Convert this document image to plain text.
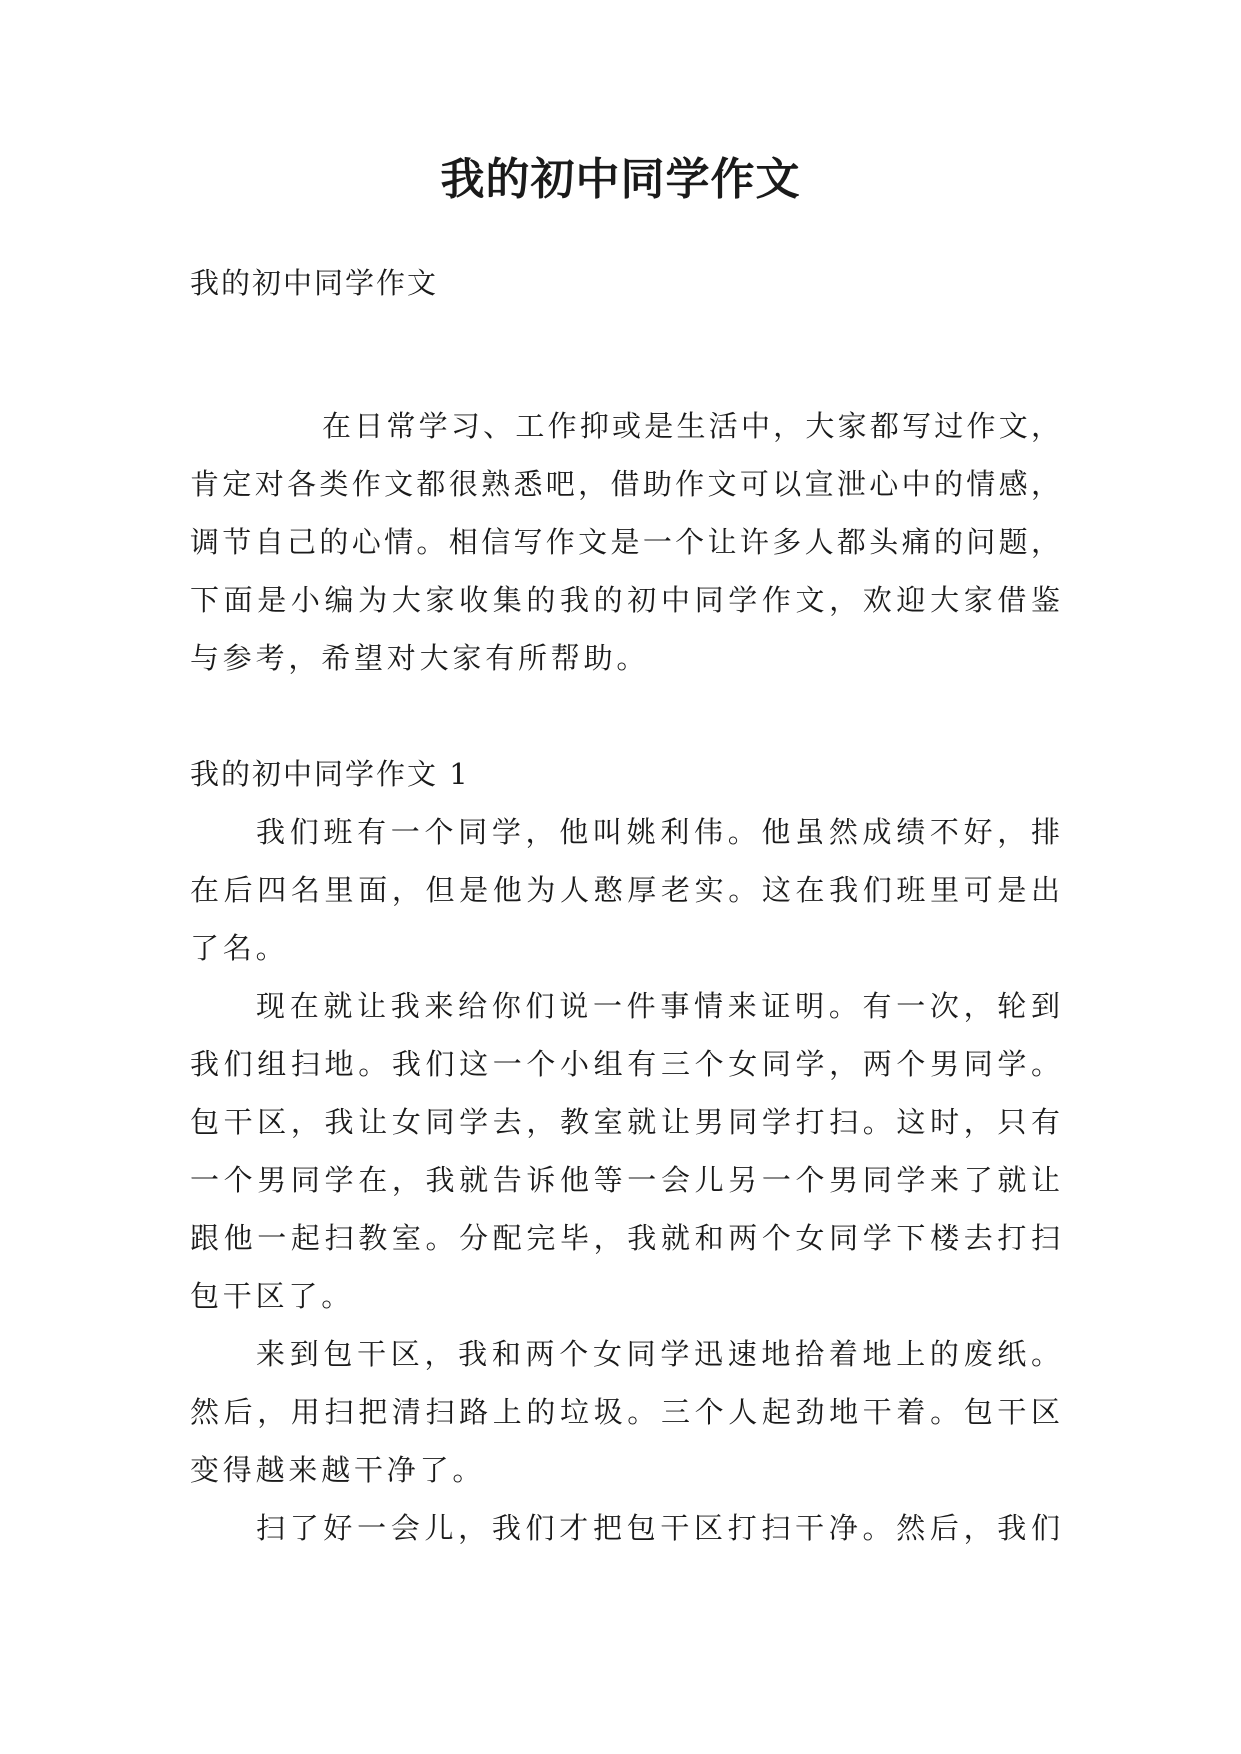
我的初中同学作文
我的初中同学作文
在日常学习、工作抑或是生活中，大家都写过作文，
肯定对各类作文都很熟悉吧，借助作文可以宣泄心中的情感，
调节自己的心情。相信写作文是一个让许多人都头痛的问题，
下面是小编为大家收集的我的初中同学作文，欢迎大家借鉴
与参考，希望对大家有所帮助。
我的初中同学作文 1
我们班有一个同学，他叫姚利伟。他虽然成绩不好，排
在后四名里面，但是他为人憨厚老实。这在我们班里可是出
了名。
现在就让我来给你们说一件事情来证明。有一次，轮到
我们组扫地。我们这一个小组有三个女同学，两个男同学。
包干区，我让女同学去，教室就让男同学打扫。这时，只有
一个男同学在，我就告诉他等一会儿另一个男同学来了就让
跟他一起扫教室。分配完毕，我就和两个女同学下楼去打扫
包干区了。
来到包干区，我和两个女同学迅速地拾着地上的废纸。
然后，用扫把清扫路上的垃圾。三个人起劲地干着。包干区
变得越来越干净了。
扫了好一会儿，我们才把包干区打扫干净。然后，我们
